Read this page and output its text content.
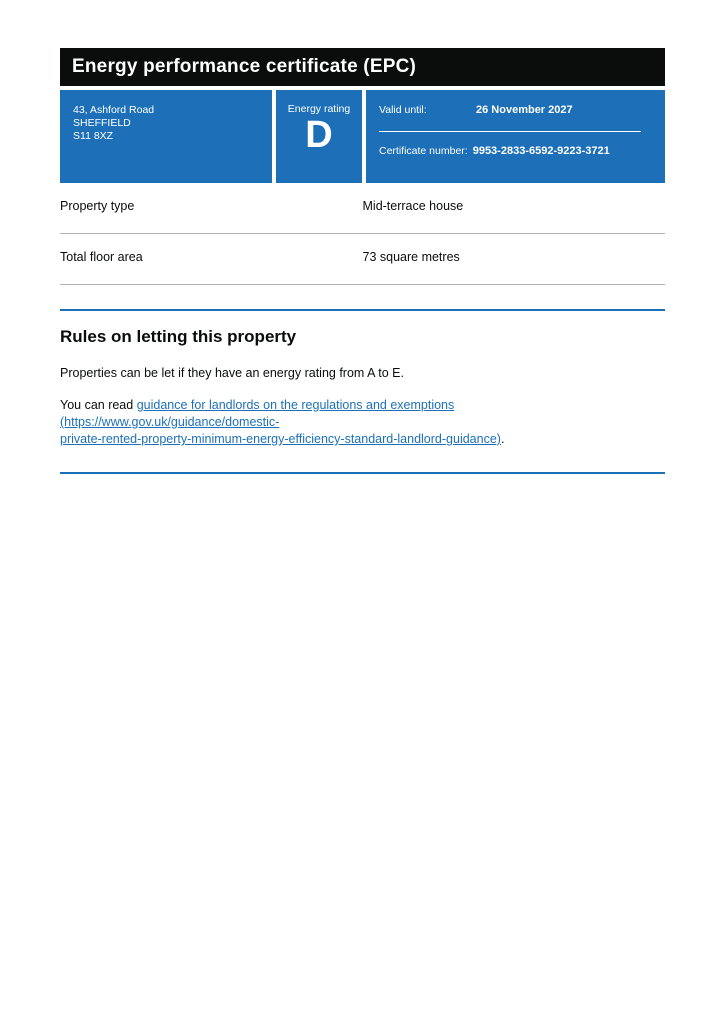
Energy performance certificate (EPC)
43, Ashford Road
SHEFFIELD
S11 8XZ
Energy rating
D
Valid until:	26 November 2027
Certificate number: 9953-2833-6592-9223-3721
Property type	Mid-terrace house
Total floor area	73 square metres
Rules on letting this property

Properties can be let if they have an energy rating from A to E.

You can read guidance for landlords on the regulations and exemptions (https://www.gov.uk/guidance/domestic-
private-rented-property-minimum-energy-efficiency-standard-landlord-guidance).
